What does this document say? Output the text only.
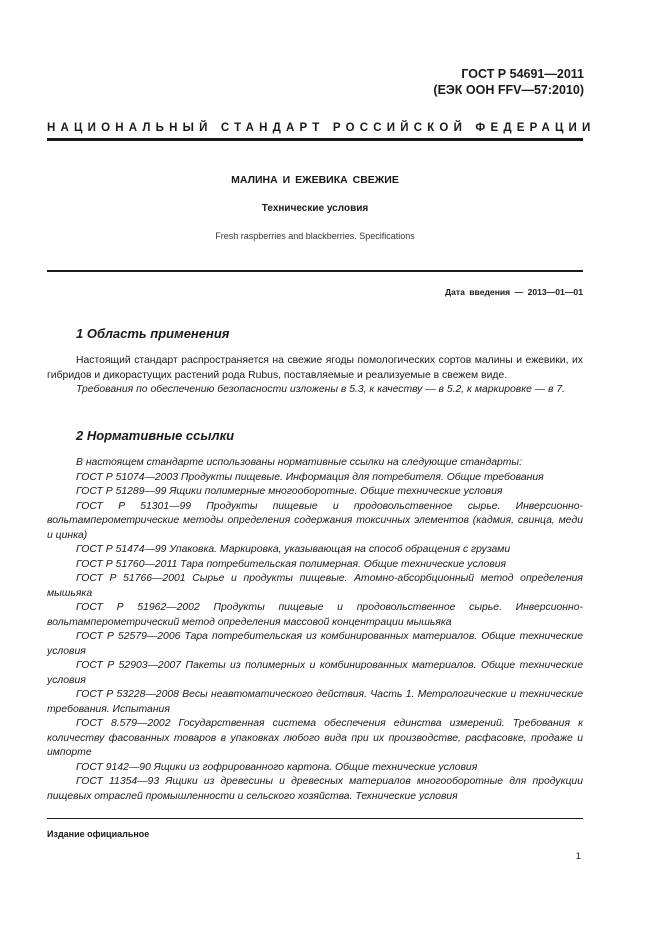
ГОСТ Р 54691—2011
(ЕЭК ООН FFV—57:2010)
НАЦИОНАЛЬНЫЙ СТАНДАРТ РОССИЙСКОЙ ФЕДЕРАЦИИ
МАЛИНА И ЕЖЕВИКА СВЕЖИЕ
Технические условия
Fresh raspberries and blackberries. Specifications
Дата введения — 2013—01—01
1 Область применения

Настоящий стандарт распространяется на свежие ягоды помологических сортов малины и ежевики, их гибридов и дикорастущих растений рода Rubus, поставляемые и реализуемые в свежем виде.

Требования по обеспечению безопасности изложены в 5.3, к качеству — в 5.2, к маркировке — в 7.

2 Нормативные ссылки

В настоящем стандарте использованы нормативные ссылки на следующие стандарты:

ГОСТ Р 51074—2003 Продукты пищевые. Информация для потребителя. Общие требования

ГОСТ Р 51289—99 Ящики полимерные многооборотные. Общие технические условия

ГОСТ Р 51301—99 Продукты пищевые и продовольственное сырье. Инверсионно-вольтамперометрические методы определения содержания токсичных элементов (кадмия, свинца, меди и цинка)

ГОСТ Р 51474—99 Упаковка. Маркировка, указывающая на способ обращения с грузами

ГОСТ Р 51760—2011 Тара потребительская полимерная. Общие технические условия

ГОСТ Р 51766—2001 Сырье и продукты пищевые. Атомно-абсорбционный метод определения мышьяка

ГОСТ Р 51962—2002 Продукты пищевые и продовольственное сырье. Инверсионно-вольтамперометрический метод определения массовой концентрации мышьяка

ГОСТ Р 52579—2006 Тара потребительская из комбинированных материалов. Общие технические условия

ГОСТ Р 52903—2007 Пакеты из полимерных и комбинированных материалов. Общие технические условия

ГОСТ Р 53228—2008 Весы неавтоматического действия. Часть 1. Метрологические и технические требования. Испытания

ГОСТ 8.579—2002 Государственная система обеспечения единства измерений. Требования к количеству фасованных товаров в упаковках любого вида при их производстве, расфасовке, продаже и импорте

ГОСТ 9142—90 Ящики из гофрированного картона. Общие технические условия

ГОСТ 11354—93 Ящики из древесины и древесных материалов многооборотные для продукции пищевых отраслей промышленности и сельского хозяйства. Технические условия

Издание официальное
1
